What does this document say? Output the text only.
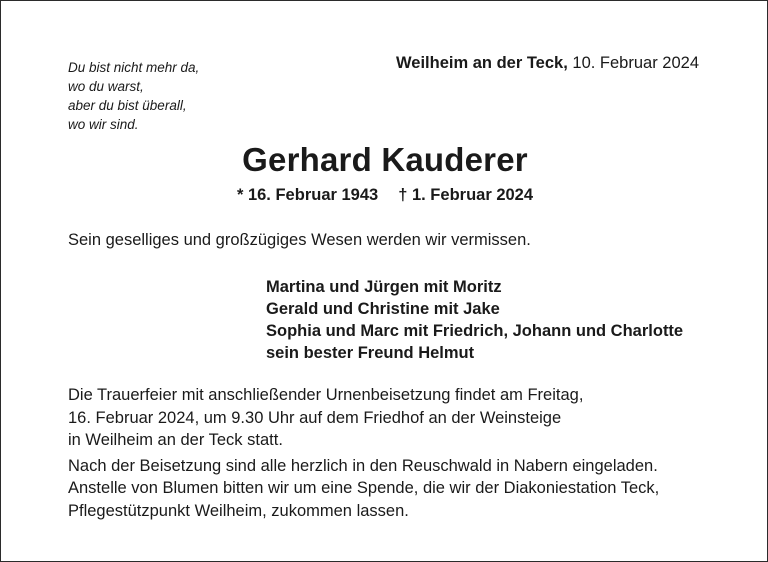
Du bist nicht mehr da,
wo du warst,
aber du bist überall,
wo wir sind.
Weilheim an der Teck, 10. Februar 2024
Gerhard Kauderer
* 16. Februar 1943 † 1. Februar 2024
Sein geselliges und großzügiges Wesen werden wir vermissen.
Martina und Jürgen mit Moritz
Gerald und Christine mit Jake
Sophia und Marc mit Friedrich, Johann und Charlotte
sein bester Freund Helmut
Die Trauerfeier mit anschließender Urnenbeisetzung findet am Freitag,
16. Februar 2024, um 9.30 Uhr auf dem Friedhof an der Weinsteige
in Weilheim an der Teck statt.
Nach der Beisetzung sind alle herzlich in den Reuschwald in Nabern eingeladen.
Anstelle von Blumen bitten wir um eine Spende, die wir der Diakoniestation Teck,
Pflegestützpunkt Weilheim, zukommen lassen.
